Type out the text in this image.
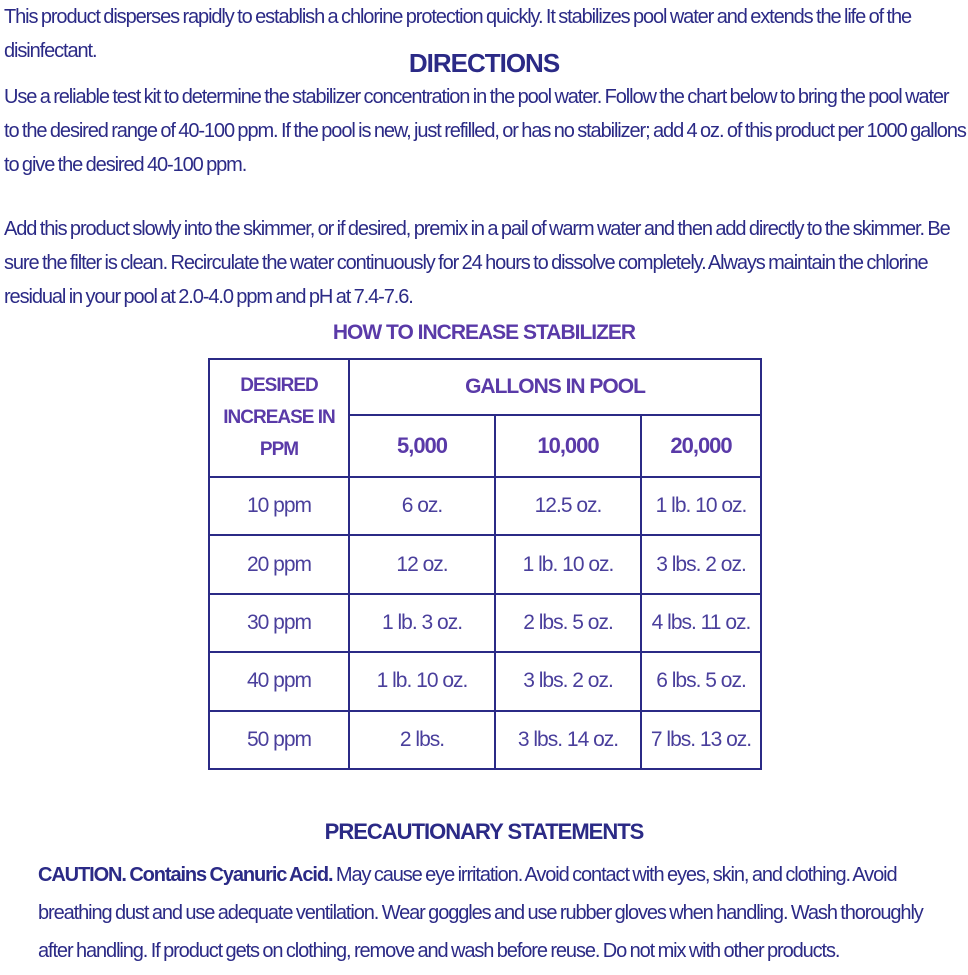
This product disperses rapidly to establish a chlorine protection quickly. It stabilizes pool water and extends the life of the disinfectant.	DIRECTIONS

Use a reliable test kit to determine the stabilizer concentration in the pool water. Follow the chart below to bring the pool water to the desired range of 40-100 ppm. If the pool is new, just refilled, or has no stabilizer; add 4 oz. of this product per 1000 gallons to give the desired 40-100 ppm.

Add this product slowly into the skimmer, or if desired, premix in a pail of warm water and then add directly to the skimmer. Be sure the filter is clean. Recirculate the water continuously for 24 hours to dissolve completely. Always maintain the chlorine residual in your pool at 2.0-4.0 ppm and pH at 7.4-7.6.

HOW TO INCREASE STABILIZER
DESIRED INCREASE IN PPM	GALLONS IN POOL		
	5,000	10,000	20,000
10 ppm	6 oz.	12.5 oz.	1 lb. 10 oz.
20 ppm	12 oz.	1 lb. 10 oz.	3 lbs. 2 oz.
30 ppm	1 lb. 3 oz.	2 lbs. 5 oz.	4 lbs. 11 oz.
40 ppm	1 lb. 10 oz.	3 lbs. 2 oz.	6 lbs. 5 oz.
50 ppm	2 lbs.	3 lbs. 14 oz.	7 lbs. 13 oz.
PRECAUTIONARY STATEMENTS

CAUTION. Contains Cyanuric Acid. May cause eye irritation. Avoid contact with eyes, skin, and clothing. Avoid breathing dust and use adequate ventilation. Wear goggles and use rubber gloves when handling. Wash thoroughly after handling. If product gets on clothing, remove and wash before reuse. Do not mix with other products.
